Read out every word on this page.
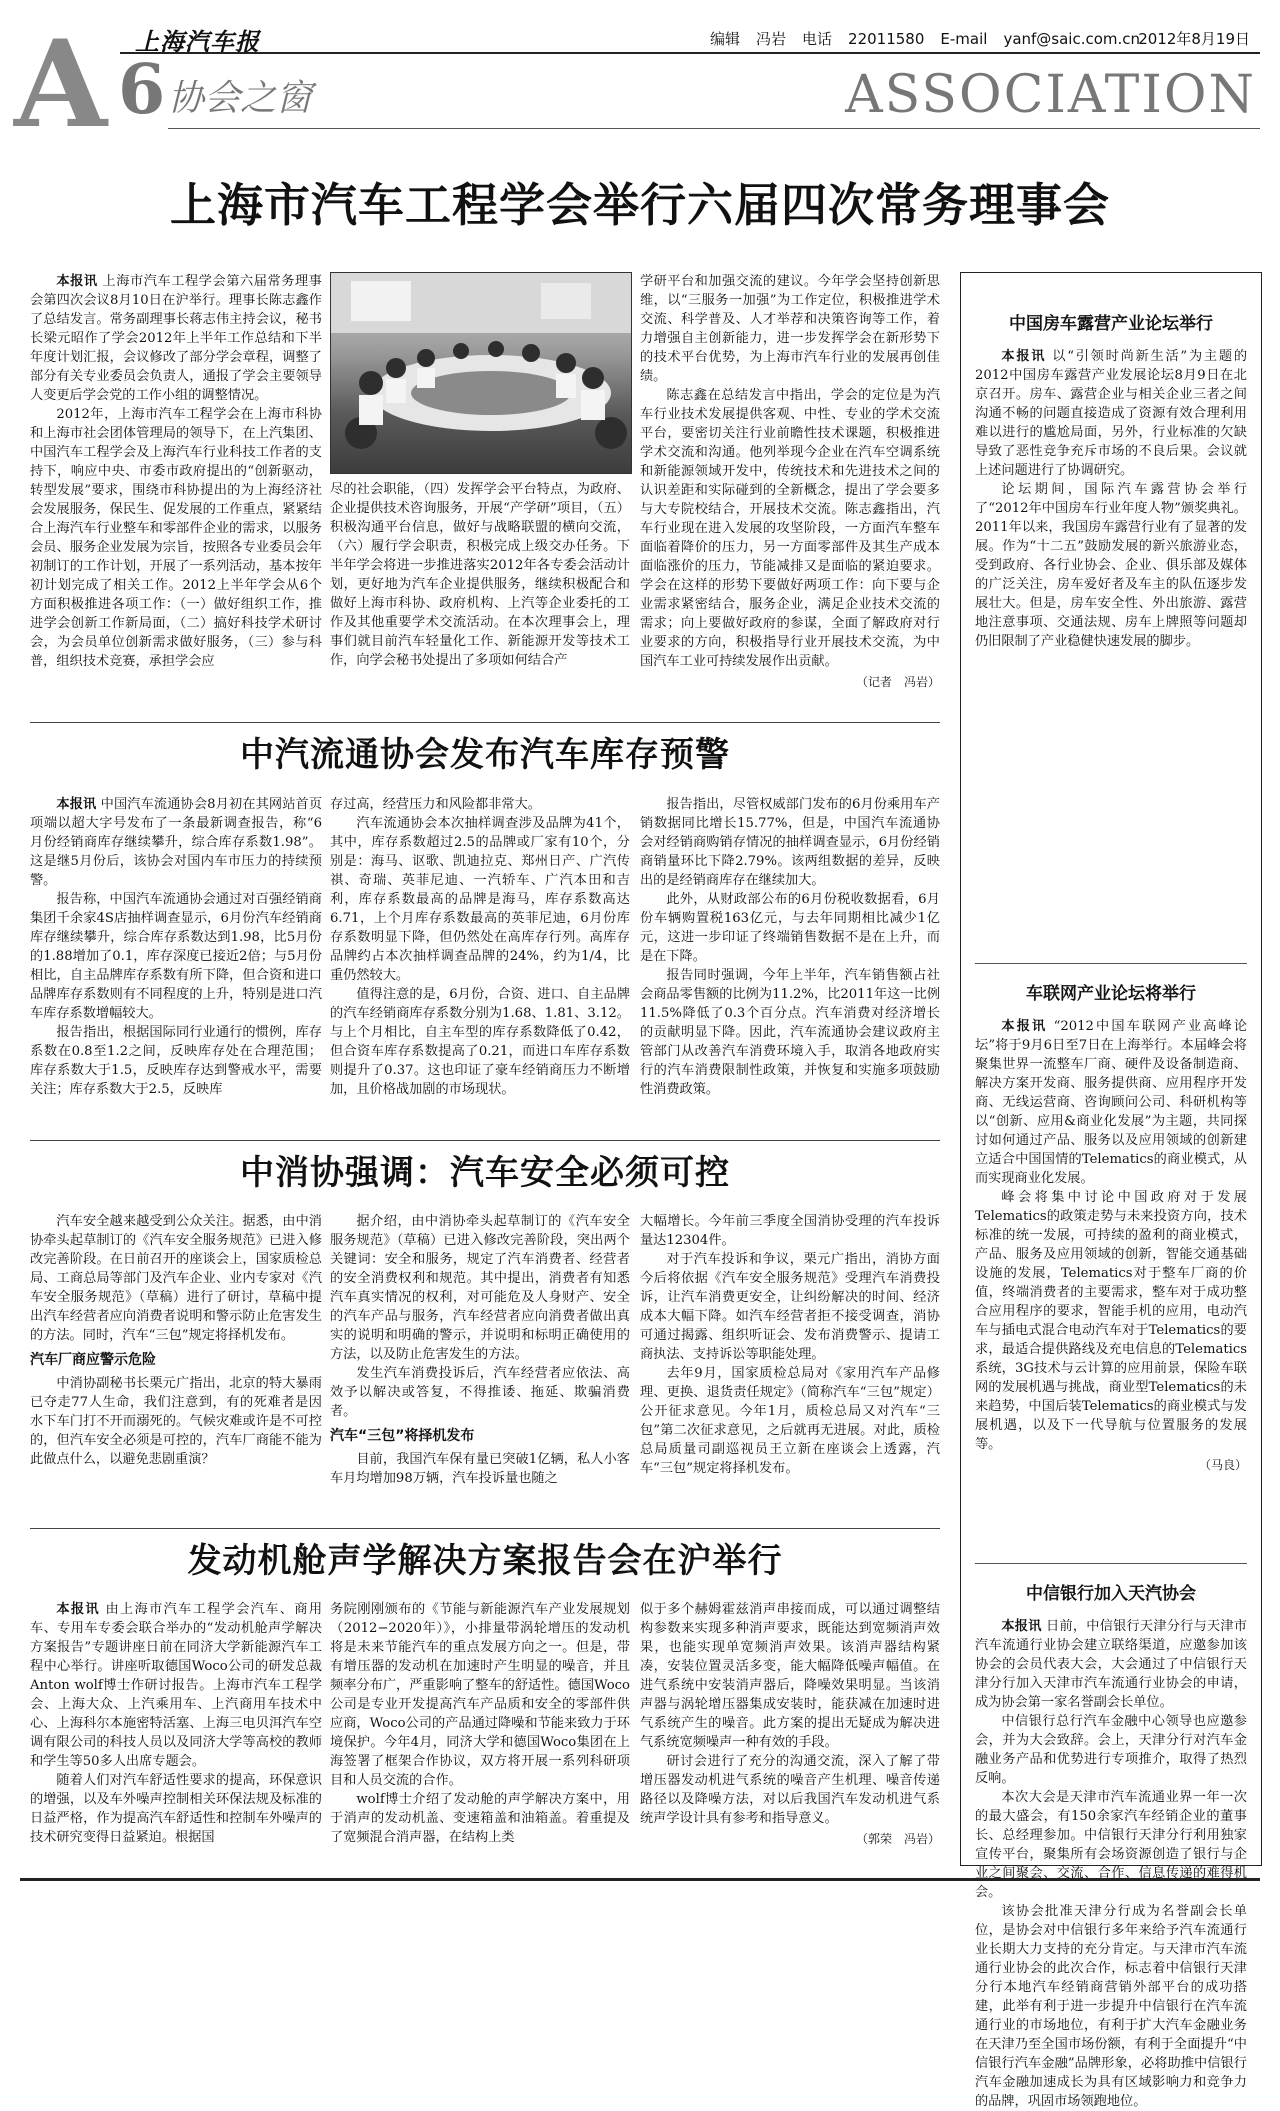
上海汽车报	编辑 冯岩 电话 22011580 E-mail yanf@saic.com.cn
2012年8月19日
A 6 协会之窗	ASSOCIATION
上海市汽车工程学会举行六届四次常务理事会

本报讯 上海市汽车工程学会第六届常务理事会第四次会议8月10日在沪举行。理事长陈志鑫作了总结发言。常务副理事长蒋志伟主持会议，秘书长梁元昭作了学会2012年上半年工作总结和下半年度计划汇报，会议修改了部分学会章程，调整了部分有关专业委员会负责人，通报了学会主要领导人变更后学会党的工作小组的调整情况。

2012年，上海市汽车工程学会在上海市科协和上海市社会团体管理局的领导下，在上汽集团、中国汽车工程学会及上海汽车行业科技工作者的支持下，响应中央、市委市政府提出的“创新驱动，转型发展”要求，围绕市科协提出的为上海经济社会发展服务，保民生、促发展的工作重点，紧紧结合上海汽车行业整车和零部件企业的需求，以服务会员、服务企业发展为宗旨，按照各专业委员会年初制订的工作计划，开展了一系列活动，基本按年初计划完成了相关工作。2012上半年学会从6个方面积极推进各项工作：（一）做好组织工作，推进学会创新工作新局面，（二）搞好科技学术研讨会，为会员单位创新需求做好服务，（三）参与科普，组织技术竞赛，承担学会应

尽的社会职能，（四）发挥学会平台特点，为政府、企业提供技术咨询服务，开展“产学研”项目，（五）积极沟通平台信息，做好与战略联盟的横向交流，（六）履行学会职责，积极完成上级交办任务。下半年学会将进一步推进落实2012年各专委会活动计划，更好地为汽车企业提供服务，继续积极配合和做好上海市科协、政府机构、上汽等企业委托的工作及其他重要学术交流活动。在本次理事会上，理事们就目前汽车轻量化工作、新能源开发等技术工作，向学会秘书处提出了多项如何结合产

学研平台和加强交流的建议。今年学会坚持创新思维，以“三服务一加强”为工作定位，积极推进学术交流、科学普及、人才举荐和决策咨询等工作，着力增强自主创新能力，进一步发挥学会在新形势下的技术平台优势，为上海市汽车行业的发展再创佳绩。

陈志鑫在总结发言中指出，学会的定位是为汽车行业技术发展提供客观、中性、专业的学术交流平台，要密切关注行业前瞻性技术课题，积极推进学术交流和沟通。他列举现今企业在汽车空调系统和新能源领域开发中，传统技术和先进技术之间的认识差距和实际碰到的全新概念，提出了学会要多与大专院校结合，开展技术交流。陈志鑫指出，汽车行业现在进入发展的攻坚阶段，一方面汽车整车面临着降价的压力，另一方面零部件及其生产成本面临涨价的压力，节能减排又是面临的紧迫要求。学会在这样的形势下要做好两项工作：向下要与企业需求紧密结合，服务企业，满足企业技术交流的需求；向上要做好政府的参谋，全面了解政府对行业要求的方向，积极指导行业开展技术交流，为中国汽车工业可持续发展作出贡献。

（记者　冯岩）
中汽流通协会发布汽车库存预警

本报讯 中国汽车流通协会8月初在其网站首页项端以超大字号发布了一条最新调查报告，称“6月份经销商库存继续攀升，综合库存系数1.98”。这是继5月份后，该协会对国内车市压力的持续预警。

报告称，中国汽车流通协会通过对百强经销商集团千余家4S店抽样调查显示，6月份汽车经销商库存继续攀升，综合库存系数达到1.98，比5月份的1.88增加了0.1，库存深度已接近2倍；与5月份相比，自主品牌库存系数有所下降，但合资和进口品牌库存系数则有不同程度的上升，特别是进口汽车库存系数增幅较大。

报告指出，根据国际同行业通行的惯例，库存系数在0.8至1.2之间，反映库存处在合理范围；库存系数大于1.5，反映库存达到警戒水平，需要关注；库存系数大于2.5，反映库

存过高，经营压力和风险都非常大。

汽车流通协会本次抽样调查涉及品牌为41个，其中，库存系数超过2.5的品牌或厂家有10个，分别是：海马、讴歌、凯迪拉克、郑州日产、广汽传祺、奇瑞、英菲尼迪、一汽轿车、广汽本田和吉利，库存系数最高的品牌是海马，库存系数高达6.71，上个月库存系数最高的英菲尼迪，6月份库存系数明显下降，但仍然处在高库存行列。高库存品牌约占本次抽样调查品牌的24%，约为1/4，比重仍然较大。

值得注意的是，6月份，合资、进口、自主品牌的汽车经销商库存系数分别为1.68、1.81、3.12。与上个月相比，自主车型的库存系数降低了0.42，但合资车库存系数提高了0.21，而进口车库存系数则提升了0.37。这也印证了豪车经销商压力不断增加，且价格战加剧的市场现状。

报告指出，尽管权威部门发布的6月份乘用车产销数据同比增长15.77%，但是，中国汽车流通协会对经销商购销存情况的抽样调查显示，6月份经销商销量环比下降2.79%。该两组数据的差异，反映出的是经销商库存在继续加大。

此外，从财政部公布的6月份税收数据看，6月份车辆购置税163亿元，与去年同期相比减少1亿元，这进一步印证了终端销售数据不是在上升，而是在下降。

报告同时强调，今年上半年，汽车销售额占社会商品零售额的比例为11.2%，比2011年这一比例11.5%降低了0.3个百分点。汽车消费对经济增长的贡献明显下降。因此，汽车流通协会建议政府主管部门从改善汽车消费环境入手，取消各地政府实行的汽车消费限制性政策，并恢复和实施多项鼓励性消费政策。

中消协强调：汽车安全必须可控

汽车安全越来越受到公众关注。据悉，由中消协牵头起草制订的《汽车安全服务规范》已进入修改完善阶段。在日前召开的座谈会上，国家质检总局、工商总局等部门及汽车企业、业内专家对《汽车安全服务规范》（草稿）进行了研讨，草稿中提出汽车经营者应向消费者说明和警示防止危害发生的方法。同时，汽车“三包”规定将择机发布。

汽车厂商应警示危险

中消协副秘书长栗元广指出，北京的特大暴雨已夺走77人生命，我们注意到，有的死难者是因水下车门打不开而溺死的。气候灾难或许是不可控的，但汽车安全必须是可控的，汽车厂商能不能为此做点什么，以避免悲剧重演？

据介绍，由中消协牵头起草制订的《汽车安全服务规范》（草稿）已进入修改完善阶段，突出两个关键词：安全和服务，规定了汽车消费者、经营者的安全消费权利和规范。其中提出，消费者有知悉汽车真实情况的权利，对可能危及人身财产、安全的汽车产品与服务，汽车经营者应向消费者做出真实的说明和明确的警示，并说明和标明正确使用的方法，以及防止危害发生的方法。

发生汽车消费投诉后，汽车经营者应依法、高效予以解决或答复，不得推诿、拖延、欺骗消费者。

汽车“三包”将择机发布

目前，我国汽车保有量已突破1亿辆，私人小客车月均增加98万辆，汽车投诉量也随之

大幅增长。今年前三季度全国消协受理的汽车投诉量达12304件。

对于汽车投诉和争议，栗元广指出，消协方面今后将依据《汽车安全服务规范》受理汽车消费投诉，让汽车消费更安全，让纠纷解决的时间、经济成本大幅下降。如汽车经营者拒不接受调查，消协可通过揭露、组织听证会、发布消费警示、提请工商执法、支持诉讼等职能处理。

去年9月，国家质检总局对《家用汽车产品修理、更换、退货责任规定》（简称汽车“三包”规定）公开征求意见。今年1月，质检总局又对汽车“三包”第二次征求意见，之后就再无进展。对此，质检总局质量司副巡视员王立新在座谈会上透露，汽车“三包”规定将择机发布。

发动机舱声学解决方案报告会在沪举行

本报讯 由上海市汽车工程学会汽车、商用车、专用车专委会联合举办的“发动机舱声学解决方案报告”专题讲座日前在同济大学新能源汽车工程中心举行。讲座听取德国Woco公司的研发总裁Anton wolf博士作研讨报告。上海市汽车工程学会、上海大众、上汽乘用车、上汽商用车技术中心、上海科尔本施密特活塞、上海三电贝洱汽车空调有限公司的科技人员以及同济大学等高校的教师和学生等50多人出席专题会。

随着人们对汽车舒适性要求的提高，环保意识的增强，以及车外噪声控制相关环保法规及标准的日益严格，作为提高汽车舒适性和控制车外噪声的技术研究变得日益紧迫。根据国

务院刚刚颁布的《节能与新能源汽车产业发展规划（2012−2020年）》，小排量带涡轮增压的发动机将是未来节能汽车的重点发展方向之一。但是，带有增压器的发动机在加速时产生明显的噪音，并且频率分布广，严重影响了整车的舒适性。德国Woco公司是专业开发提高汽车产品质和安全的零部件供应商，Woco公司的产品通过降噪和节能来致力于环境保护。今年4月，同济大学和德国Woco集团在上海签署了框架合作协议，双方将开展一系列科研项目和人员交流的合作。

wolf博士介绍了发动舱的声学解决方案中，用于消声的发动机盖、变速箱盖和油箱盖。着重提及了宽频混合消声器，在结构上类

似于多个赫姆霍兹消声串接而成，可以通过调整结构参数来实现多种消声要求，既能达到宽频消声效果，也能实现单宽频消声效果。该消声器结构紧凑，安装位置灵活多变，能大幅降低噪声幅值。在进气系统中安装消声器后，降噪效果明显。当该消声器与涡轮增压器集成安装时，能获减在加速时进气系统产生的噪音。此方案的提出无疑成为解决进气系统宽频噪声一种有效的手段。

研讨会进行了充分的沟通交流，深入了解了带增压器发动机进气系统的噪音产生机理、噪音传递路径以及降噪方法，对以后我国汽车发动机进气系统声学设计具有参考和指导意义。

（郭荣　冯岩）
中国房车露营产业论坛举行

本报讯 以“引领时尚新生活”为主题的2012中国房车露营产业发展论坛8月9日在北京召开。房车、露营企业与相关企业三者之间沟通不畅的问题直接造成了资源有效合理利用难以进行的尴尬局面，另外，行业标准的欠缺导致了恶性竞争充斥市场的不良后果。会议就上述问题进行了协调研究。

论坛期间，国际汽车露营协会举行了“2012年中国房车行业年度人物”颁奖典礼。2011年以来，我国房车露营行业有了显著的发展。作为“十二五”鼓励发展的新兴旅游业态，受到政府、各行业协会、企业、俱乐部及媒体的广泛关注，房车爱好者及车主的队伍逐步发展壮大。但是，房车安全性、外出旅游、露营地注意事项、交通法规、房车上牌照等问题却仍旧限制了产业稳健快速发展的脚步。

车联网产业论坛将举行

本报讯 “2012中国车联网产业高峰论坛”将于9月6日至7日在上海举行。本届峰会将聚集世界一流整车厂商、硬件及设备制造商、解决方案开发商、服务提供商、应用程序开发商、无线运营商、咨询顾问公司、科研机构等以“创新、应用&商业化发展”为主题，共同探讨如何通过产品、服务以及应用领域的创新建立适合中国国情的Telematics的商业模式，从而实现商业化发展。

峰会将集中讨论中国政府对于发展Telematics的政策走势与未来投资方向，技术标准的统一发展，可持续的盈利的商业模式，产品、服务及应用领域的创新，智能交通基础设施的发展，Telematics对于整车厂商的价值，终端消费者的主要需求，整车对于成功整合应用程序的要求，智能手机的应用，电动汽车与插电式混合电动汽车对于Telematics的要求，最适合提供路线及充电信息的Telematics系统，3G技术与云计算的应用前景，保险车联网的发展机遇与挑战，商业型Telematics的未来趋势，中国后装Telematics的商业模式与发展机遇，以及下一代导航与位置服务的发展等。

（马良）
中信银行加入天汽协会

本报讯 日前，中信银行天津分行与天津市汽车流通行业协会建立联络渠道，应邀参加该协会的会员代表大会，大会通过了中信银行天津分行加入天津市汽车流通行业协会的申请，成为协会第一家名誉副会长单位。

中信银行总行汽车金融中心领导也应邀参会，并为大会致辞。会上，天津分行对汽车金融业务产品和优势进行专项推介，取得了热烈反响。

本次大会是天津市汽车流通业界一年一次的最大盛会，有150余家汽车经销企业的董事长、总经理参加。中信银行天津分行利用独家宣传平台，聚集所有会场资源创造了银行与企业之间聚会、交流、合作、信息传递的难得机会。

该协会批准天津分行成为名誉副会长单位，是协会对中信银行多年来给予汽车流通行业长期大力支持的充分肯定。与天津市汽车流通行业协会的此次合作，标志着中信银行天津分行本地汽车经销商营销外部平台的成功搭建，此举有利于进一步提升中信银行在汽车流通行业的市场地位，有利于扩大汽车金融业务在天津乃至全国市场份额，有利于全面提升“中信银行汽车金融”品牌形象，必将助推中信银行汽车金融加速成长为具有区域影响力和竞争力的品牌，巩固市场领跑地位。
